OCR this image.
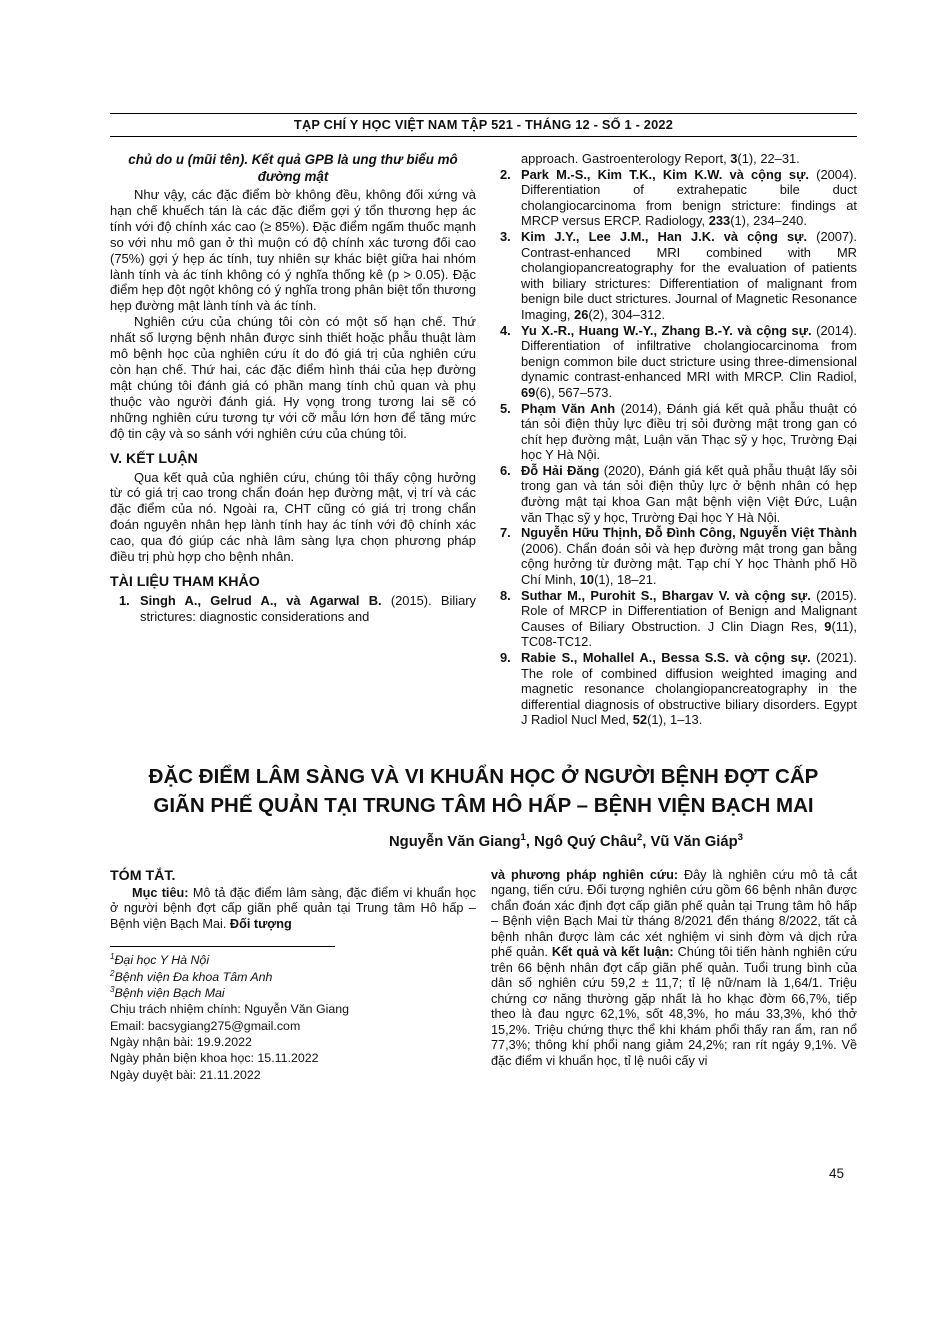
TẠP CHÍ Y HỌC VIỆT NAM TẬP 521 - THÁNG 12 - SỐ 1 - 2022
chủ do u (mũi tên). Kết quả GPB là ung thư biểu mô đường mật

Như vậy, các đặc điểm bờ không đều, không đối xứng và hạn chế khuếch tán là các đặc điểm gợi ý tổn thương hẹp ác tính với độ chính xác cao (≥ 85%). Đặc điểm ngấm thuốc mạnh so với nhu mô gan ở thì muộn có độ chính xác tương đối cao (75%) gợi ý hẹp ác tính, tuy nhiên sự khác biệt giữa hai nhóm lành tính và ác tính không có ý nghĩa thống kê (p > 0.05). Đặc điểm hẹp đột ngột không có ý nghĩa trong phân biệt tổn thương hẹp đường mật lành tính và ác tính.

Nghiên cứu của chúng tôi còn có một số hạn chế. Thứ nhất số lượng bệnh nhân được sinh thiết hoặc phẫu thuật làm mô bệnh học của nghiên cứu ít do đó giá trị của nghiên cứu còn hạn chế. Thứ hai, các đặc điểm hình thái của hẹp đường mật chúng tôi đánh giá có phần mang tính chủ quan và phụ thuộc vào người đánh giá. Hy vọng trong tương lai sẽ có những nghiên cứu tương tự với cỡ mẫu lớn hơn để tăng mức độ tin cậy và so sánh với nghiên cứu của chúng tôi.

V. KẾT LUẬN

Qua kết quả của nghiên cứu, chúng tôi thấy cộng hưởng từ có giá trị cao trong chẩn đoán hẹp đường mật, vị trí và các đặc điểm của nó. Ngoài ra, CHT cũng có giá trị trong chẩn đoán nguyên nhân hẹp lành tính hay ác tính với độ chính xác cao, qua đó giúp các nhà lâm sàng lựa chọn phương pháp điều trị phù hợp cho bệnh nhân.

TÀI LIỆU THAM KHẢO
1. Singh A., Gelrud A., và Agarwal B. (2015). Biliary strictures: diagnostic considerations and
approach. Gastroenterology Report, 3(1), 22–31.
2. Park M.-S., Kim T.K., Kim K.W. và cộng sự. (2004). Differentiation of extrahepatic bile duct cholangiocarcinoma from benign stricture: findings at MRCP versus ERCP. Radiology, 233(1), 234–240.
3. Kim J.Y., Lee J.M., Han J.K. và cộng sự. (2007). Contrast-enhanced MRI combined with MR cholangiopancreatography for the evaluation of patients with biliary strictures: Differentiation of malignant from benign bile duct strictures. Journal of Magnetic Resonance Imaging, 26(2), 304–312.
4. Yu X.-R., Huang W.-Y., Zhang B.-Y. và cộng sự. (2014). Differentiation of infiltrative cholangiocarcinoma from benign common bile duct stricture using three-dimensional dynamic contrast-enhanced MRI with MRCP. Clin Radiol, 69(6), 567–573.
5. Phạm Văn Anh (2014), Đánh giá kết quả phẫu thuật có tán sỏi điện thủy lực điều trị sỏi đường mật trong gan có chít hẹp đường mật, Luận văn Thạc sỹ y học, Trường Đại học Y Hà Nội.
6. Đỗ Hải Đăng (2020), Đánh giá kết quả phẫu thuật lấy sỏi trong gan và tán sỏi điện thủy lực ở bệnh nhân có hẹp đường mật tại khoa Gan mật bệnh viện Việt Đức, Luận văn Thạc sỹ y học, Trường Đại học Y Hà Nội.
7. Nguyễn Hữu Thịnh, Đỗ Đình Công, Nguyễn Việt Thành (2006). Chẩn đoán sỏi và hẹp đường mật trong gan bằng cộng hưởng từ đường mật. Tạp chí Y học Thành phố Hồ Chí Minh, 10(1), 18–21.
8. Suthar M., Purohit S., Bhargav V. và cộng sự. (2015). Role of MRCP in Differentiation of Benign and Malignant Causes of Biliary Obstruction. J Clin Diagn Res, 9(11), TC08-TC12.
9. Rabie S., Mohallel A., Bessa S.S. và cộng sự. (2021). The role of combined diffusion weighted imaging and magnetic resonance cholangiopancreatography in the differential diagnosis of obstructive biliary disorders. Egypt J Radiol Nucl Med, 52(1), 1–13.
ĐẶC ĐIỂM LÂM SÀNG VÀ VI KHUẨN HỌC Ở NGƯỜI BỆNH ĐỢT CẤP
GIÃN PHẾ QUẢN TẠI TRUNG TÂM HÔ HẤP – BỆNH VIỆN BẠCH MAI
Nguyễn Văn Giang$^1$, Ngô Quý Châu$^2$, Vũ Văn Giáp$^3$
TÓM TẮT.

Mục tiêu: Mô tả đặc điểm lâm sàng, đặc điểm vi khuẩn học ở người bệnh đợt cấp giãn phế quản tại Trung tâm Hô hấp – Bệnh viện Bạch Mai. Đối tượng

$^1$Đại học Y Hà Nội
$^2$Bệnh viện Đa khoa Tâm Anh
$^3$Bệnh viện Bạch Mai
Chịu trách nhiệm chính: Nguyễn Văn Giang
Email: bacsygiang275@gmail.com
Ngày nhận bài: 19.9.2022
Ngày phản biện khoa học: 15.11.2022
Ngày duyệt bài: 21.11.2022

và phương pháp nghiên cứu: Đây là nghiên cứu mô tả cắt ngang, tiến cứu. Đối tượng nghiên cứu gồm 66 bệnh nhân được chẩn đoán xác định đợt cấp giãn phế quản tại Trung tâm hô hấp – Bệnh viện Bạch Mai từ tháng 8/2021 đến tháng 8/2022, tất cả bệnh nhân được làm các xét nghiệm vi sinh đờm và dịch rửa phế quản. Kết quả và kết luận: Chúng tôi tiến hành nghiên cứu trên 66 bệnh nhân đợt cấp giãn phế quản. Tuổi trung bình của dân số nghiên cứu 59,2 ± 11,7; tỉ lệ nữ/nam là 1,64/1. Triệu chứng cơ năng thường gặp nhất là ho khạc đờm 66,7%, tiếp theo là đau ngực 62,1%, sốt 48,3%, ho máu 33,3%, khó thở 15,2%. Triệu chứng thực thể khi khám phổi thấy ran ẩm, ran nổ 77,3%; thông khí phổi nang giảm 24,2%; ran rít ngáy 9,1%. Về đặc điểm vi khuẩn học, tỉ lệ nuôi cấy vi

45
